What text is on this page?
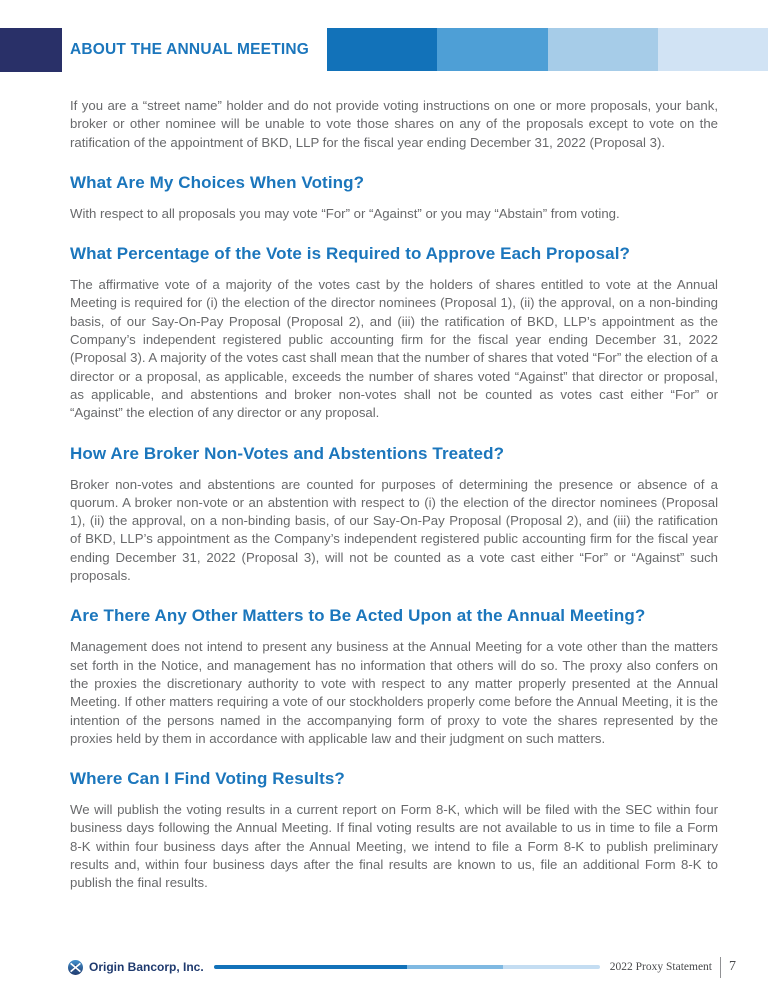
ABOUT THE ANNUAL MEETING

If you are a “street name” holder and do not provide voting instructions on one or more proposals, your bank, broker or other nominee will be unable to vote those shares on any of the proposals except to vote on the ratification of the appointment of BKD, LLP for the fiscal year ending December 31, 2022 (Proposal 3).

What Are My Choices When Voting?

With respect to all proposals you may vote “For” or “Against” or you may “Abstain” from voting.

What Percentage of the Vote is Required to Approve Each Proposal?

The affirmative vote of a majority of the votes cast by the holders of shares entitled to vote at the Annual Meeting is required for (i) the election of the director nominees (Proposal 1), (ii) the approval, on a non-binding basis, of our Say-On-Pay Proposal (Proposal 2), and (iii) the ratification of BKD, LLP’s appointment as the Company’s independent registered public accounting firm for the fiscal year ending December 31, 2022 (Proposal 3). A majority of the votes cast shall mean that the number of shares that voted “For” the election of a director or a proposal, as applicable, exceeds the number of shares voted “Against” that director or proposal, as applicable, and abstentions and broker non-votes shall not be counted as votes cast either “For” or “Against” the election of any director or any proposal.

How Are Broker Non-Votes and Abstentions Treated?

Broker non-votes and abstentions are counted for purposes of determining the presence or absence of a quorum. A broker non-vote or an abstention with respect to (i) the election of the director nominees (Proposal 1), (ii) the approval, on a non-binding basis, of our Say-On-Pay Proposal (Proposal 2), and (iii) the ratification of BKD, LLP’s appointment as the Company’s independent registered public accounting firm for the fiscal year ending December 31, 2022 (Proposal 3), will not be counted as a vote cast either “For” or “Against” such proposals.

Are There Any Other Matters to Be Acted Upon at the Annual Meeting?

Management does not intend to present any business at the Annual Meeting for a vote other than the matters set forth in the Notice, and management has no information that others will do so. The proxy also confers on the proxies the discretionary authority to vote with respect to any matter properly presented at the Annual Meeting. If other matters requiring a vote of our stockholders properly come before the Annual Meeting, it is the intention of the persons named in the accompanying form of proxy to vote the shares represented by the proxies held by them in accordance with applicable law and their judgment on such matters.

Where Can I Find Voting Results?

We will publish the voting results in a current report on Form 8-K, which will be filed with the SEC within four business days following the Annual Meeting. If final voting results are not available to us in time to file a Form 8-K within four business days after the Annual Meeting, we intend to file a Form 8-K to publish preliminary results and, within four business days after the final results are known to us, file an additional Form 8-K to publish the final results.

Origin Bancorp, Inc.	2022 Proxy Statement 7
